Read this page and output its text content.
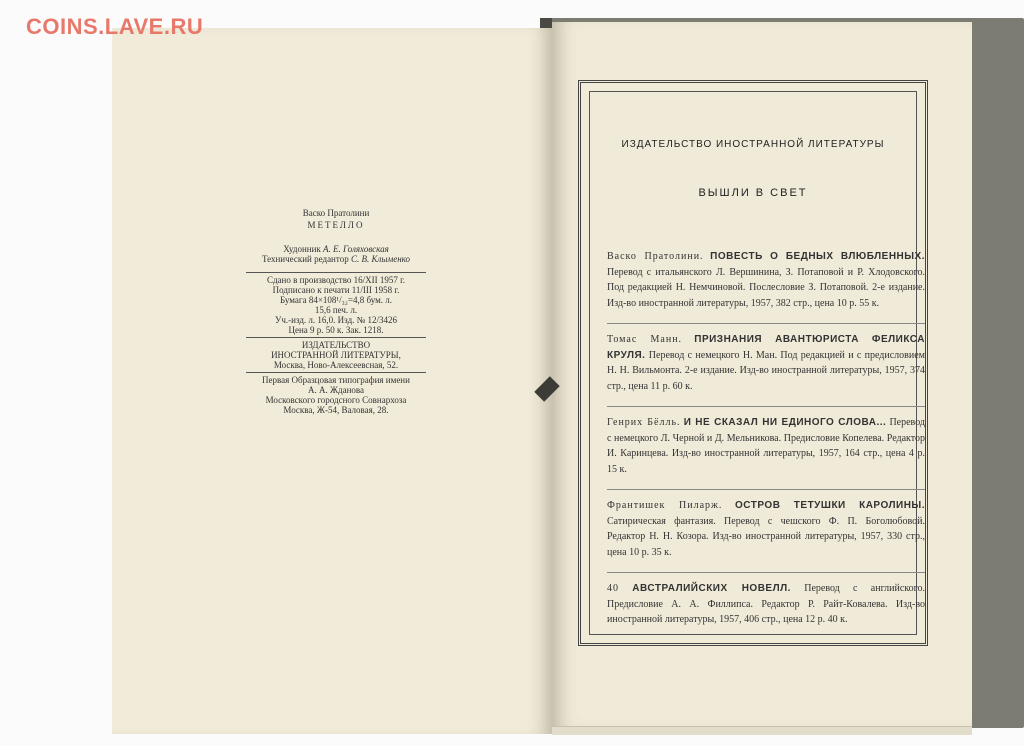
COINS.LAVE.RU
Васко Пратолини
МЕТЕЛЛО
Худонник А. Е. Голяховская
Технический редантор С. В. Клыменко
Сдано в производство 16/XII 1957 г.
Подписано к печати 11/III 1958 г.
Бумага 84×108¹/₃₂=4,8 бум. л.
15,6 печ. л.
Уч.-изд. л. 16,0. Изд. № 12/3426
Цена 9 р. 50 к. Зак. 1218.
ИЗДАТЕЛЬСТВО
ИНОСТРАННОЙ ЛИТЕРАТУРЫ,
Москва, Ново-Алексеевсная, 52.
Первая Образцовая типография имени
А. А. Жданова
Московского городсного Совнархоза
Москва, Ж-54, Валовая, 28.
ИЗДАТЕЛЬСТВО ИНОСТРАННОЙ ЛИТЕРАТУРЫ
ВЫШЛИ В СВЕТ
Васко Пратолини. ПОВЕСТЬ О БЕДНЫХ ВЛЮБЛЕННЫХ. Перевод с итальянского Л. Вершинина, З. Потаповой и Р. Хлодовского. Под редакцией Н. Немчиновой. Послесловие З. Потаповой. 2-е издание. Изд-во иностранной литературы, 1957, 382 стр., цена 10 р. 55 к.
Томас Манн. ПРИЗНАНИЯ АВАНТЮРИСТА ФЕЛИКСА КРУЛЯ. Перевод с немецкого Н. Ман. Под редакцией и с предисловием Н. Н. Вильмонта. 2-е издание. Изд-во иностранной литературы, 1957, 374 стр., цена 11 р. 60 к.
Генрих Бёлль. И НЕ СКАЗАЛ НИ ЕДИНОГО СЛОВА... Перевод с немецкого Л. Черной и Д. Мельникова. Предисловие Копелева. Редактор И. Каринцева. Изд-во иностранной литературы, 1957, 164 стр., цена 4 р. 15 к.
Франтишек Пиларж. ОСТРОВ ТЕТУШКИ КАРОЛИНЫ. Сатирическая фантазия. Перевод с чешского Ф. П. Боголюбовой. Редактор Н. Н. Козора. Изд-во иностранной литературы, 1957, 330 стр., цена 10 р. 35 к.
40 АВСТРАЛИЙСКИХ НОВЕЛЛ. Перевод с английского. Предисловие А. А. Филлипса. Редактор Р. Райт-Ковалева. Изд-во иностранной литературы, 1957, 406 стр., цена 12 р. 40 к.
